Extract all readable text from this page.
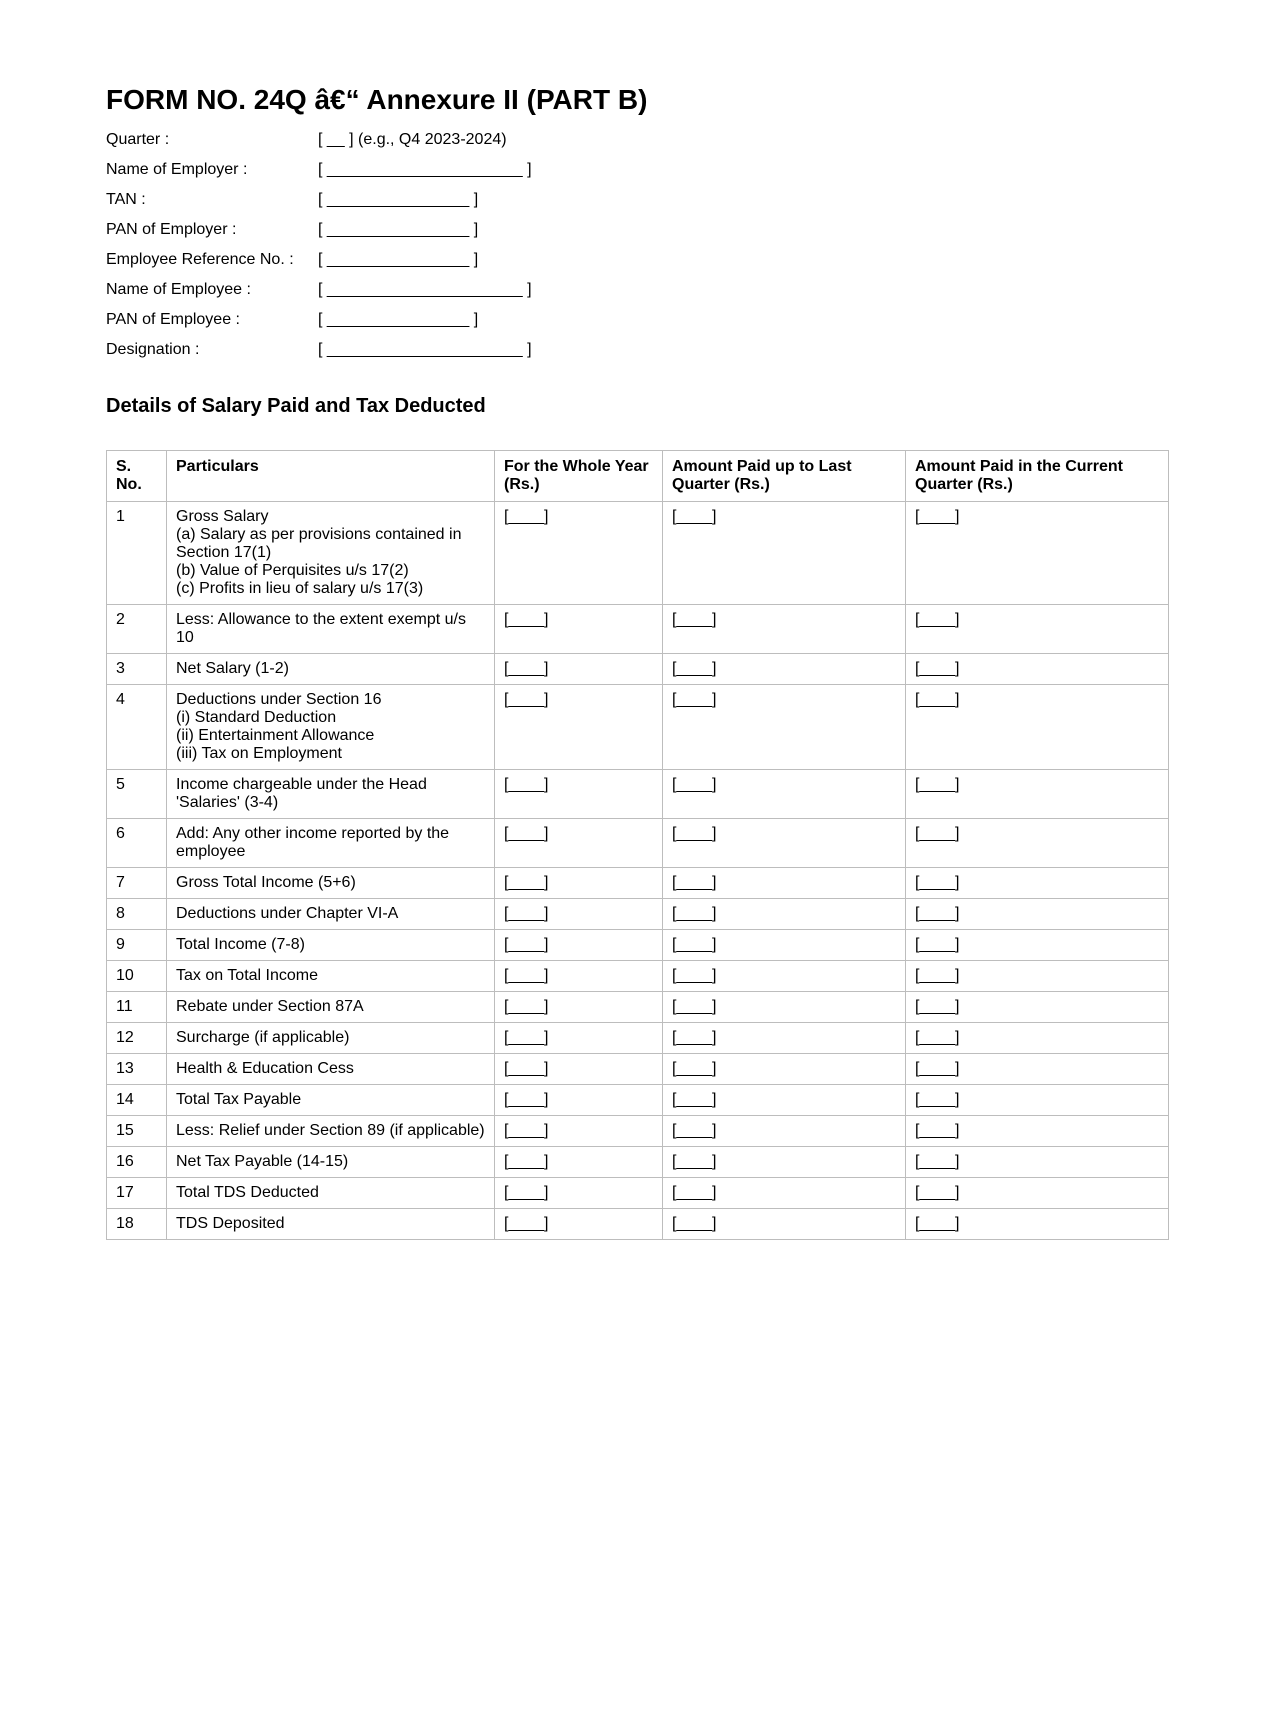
FORM NO. 24Q â€“ Annexure II (PART B)
Quarter :	[ __ ] (e.g., Q4 2023-2024)
Name of Employer :	[ ______________________ ]
TAN :	[ ________________ ]
PAN of Employer :	[ ________________ ]
Employee Reference No. :	[ ________________ ]
Name of Employee :	[ ______________________ ]
PAN of Employee :	[ ________________ ]
Designation :	[ ______________________ ]
Details of Salary Paid and Tax Deducted
S. No.	Particulars	For the Whole Year (Rs.)	Amount Paid up to Last Quarter (Rs.)	Amount Paid in the Current Quarter (Rs.)
1	Gross Salary
(a) Salary as per provisions contained in Section 17(1)
(b) Value of Perquisites u/s 17(2)
(c) Profits in lieu of salary u/s 17(3)	[____]	[____]	[____]
2	Less: Allowance to the extent exempt u/s 10	[____]	[____]	[____]
3	Net Salary (1-2)	[____]	[____]	[____]
4	Deductions under Section 16
(i) Standard Deduction
(ii) Entertainment Allowance
(iii) Tax on Employment	[____]	[____]	[____]
5	Income chargeable under the Head 'Salaries' (3-4)	[____]	[____]	[____]
6	Add: Any other income reported by the employee	[____]	[____]	[____]
7	Gross Total Income (5+6)	[____]	[____]	[____]
8	Deductions under Chapter VI-A	[____]	[____]	[____]
9	Total Income (7-8)	[____]	[____]	[____]
10	Tax on Total Income	[____]	[____]	[____]
11	Rebate under Section 87A	[____]	[____]	[____]
12	Surcharge (if applicable)	[____]	[____]	[____]
13	Health & Education Cess	[____]	[____]	[____]
14	Total Tax Payable	[____]	[____]	[____]
15	Less: Relief under Section 89 (if applicable)	[____]	[____]	[____]
16	Net Tax Payable (14-15)	[____]	[____]	[____]
17	Total TDS Deducted	[____]	[____]	[____]
18	TDS Deposited	[____]	[____]	[____]
